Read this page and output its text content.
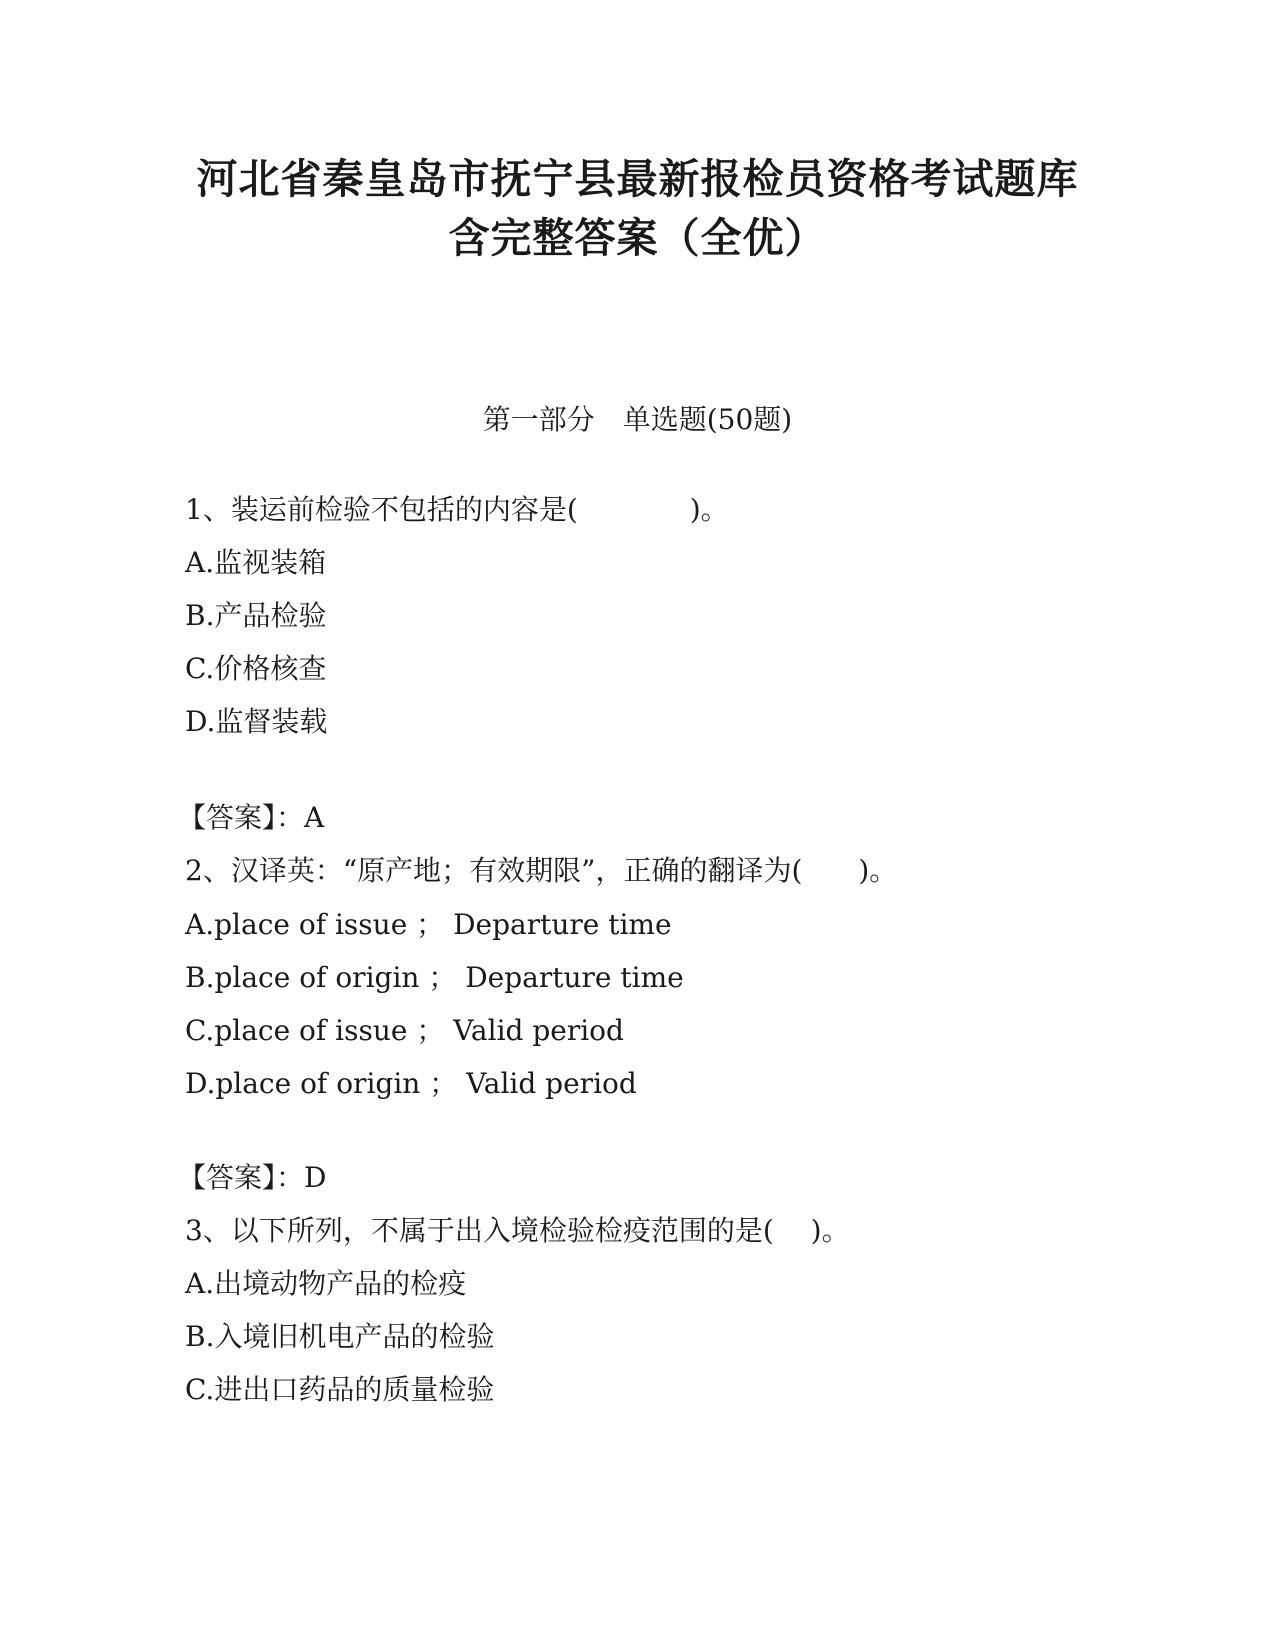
河北省秦皇岛市抚宁县最新报检员资格考试题库
含完整答案（全优）
第一部分　单选题(50题)
1、装运前检验不包括的内容是(　　　　)。
A.监视装箱
B.产品检验
C.价格核查
D.监督装载
【答案】：A
2、汉译英：“原产地；有效期限”，正确的翻译为(　　)。
A.place of issue ； Departure time
B.place of origin ； Departure time
C.place of issue ； Valid period
D.place of origin ； Valid period
【答案】：D
3、以下所列，不属于出入境检验检疫范围的是(　 )。
A.出境动物产品的检疫
B.入境旧机电产品的检验
C.进出口药品的质量检验
